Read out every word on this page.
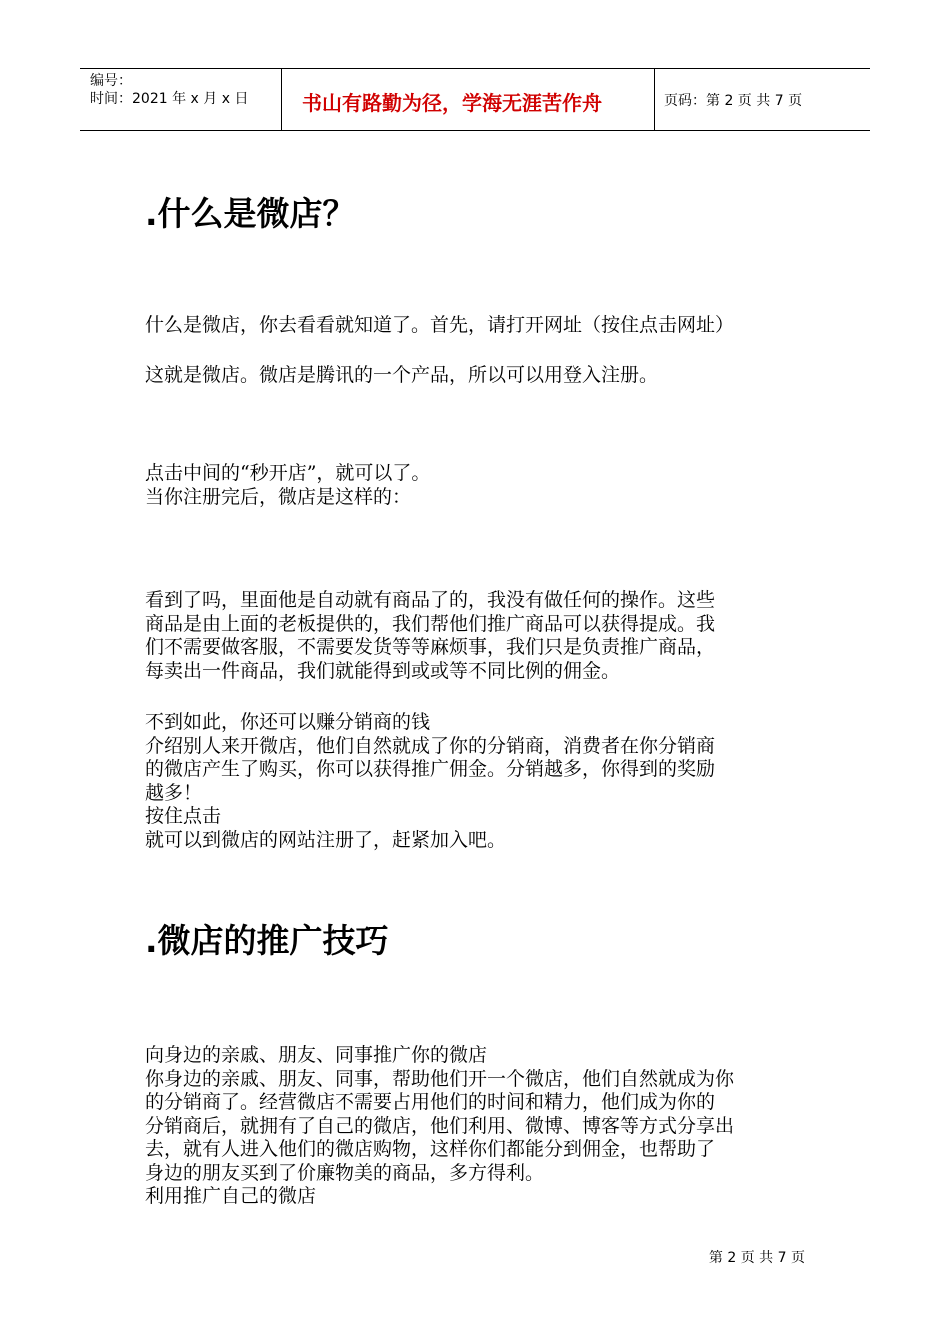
编号：
时间：2021 年 x 月 x 日	书山有路勤为径，学海无涯苦作舟	页码：第 2 页 共 7 页
.什么是微店？
什么是微店，你去看看就知道了。首先，请打开网址（按住点击网址）
这就是微店。微店是腾讯的一个产品，所以可以用登入注册。
点击中间的“秒开店”，就可以了。
当你注册完后，微店是这样的：
看到了吗，里面他是自动就有商品了的，我没有做任何的操作。这些
商品是由上面的老板提供的，我们帮他们推广商品可以获得提成。我
们不需要做客服，不需要发货等等麻烦事，我们只是负责推广商品，
每卖出一件商品，我们就能得到或或等不同比例的佣金。
不到如此，你还可以赚分销商的钱
介绍别人来开微店，他们自然就成了你的分销商，消费者在你分销商
的微店产生了购买，你可以获得推广佣金。分销越多，你得到的奖励
越多！
按住点击
就可以到微店的网站注册了，赶紧加入吧。
.微店的推广技巧
向身边的亲戚、朋友、同事推广你的微店
你身边的亲戚、朋友、同事，帮助他们开一个微店，他们自然就成为你
的分销商了。经营微店不需要占用他们的时间和精力，他们成为你的
分销商后，就拥有了自己的微店，他们利用、微博、博客等方式分享出
去，就有人进入他们的微店购物，这样你们都能分到佣金，也帮助了
身边的朋友买到了价廉物美的商品，多方得利。
利用推广自己的微店
第 2 页 共 7 页
